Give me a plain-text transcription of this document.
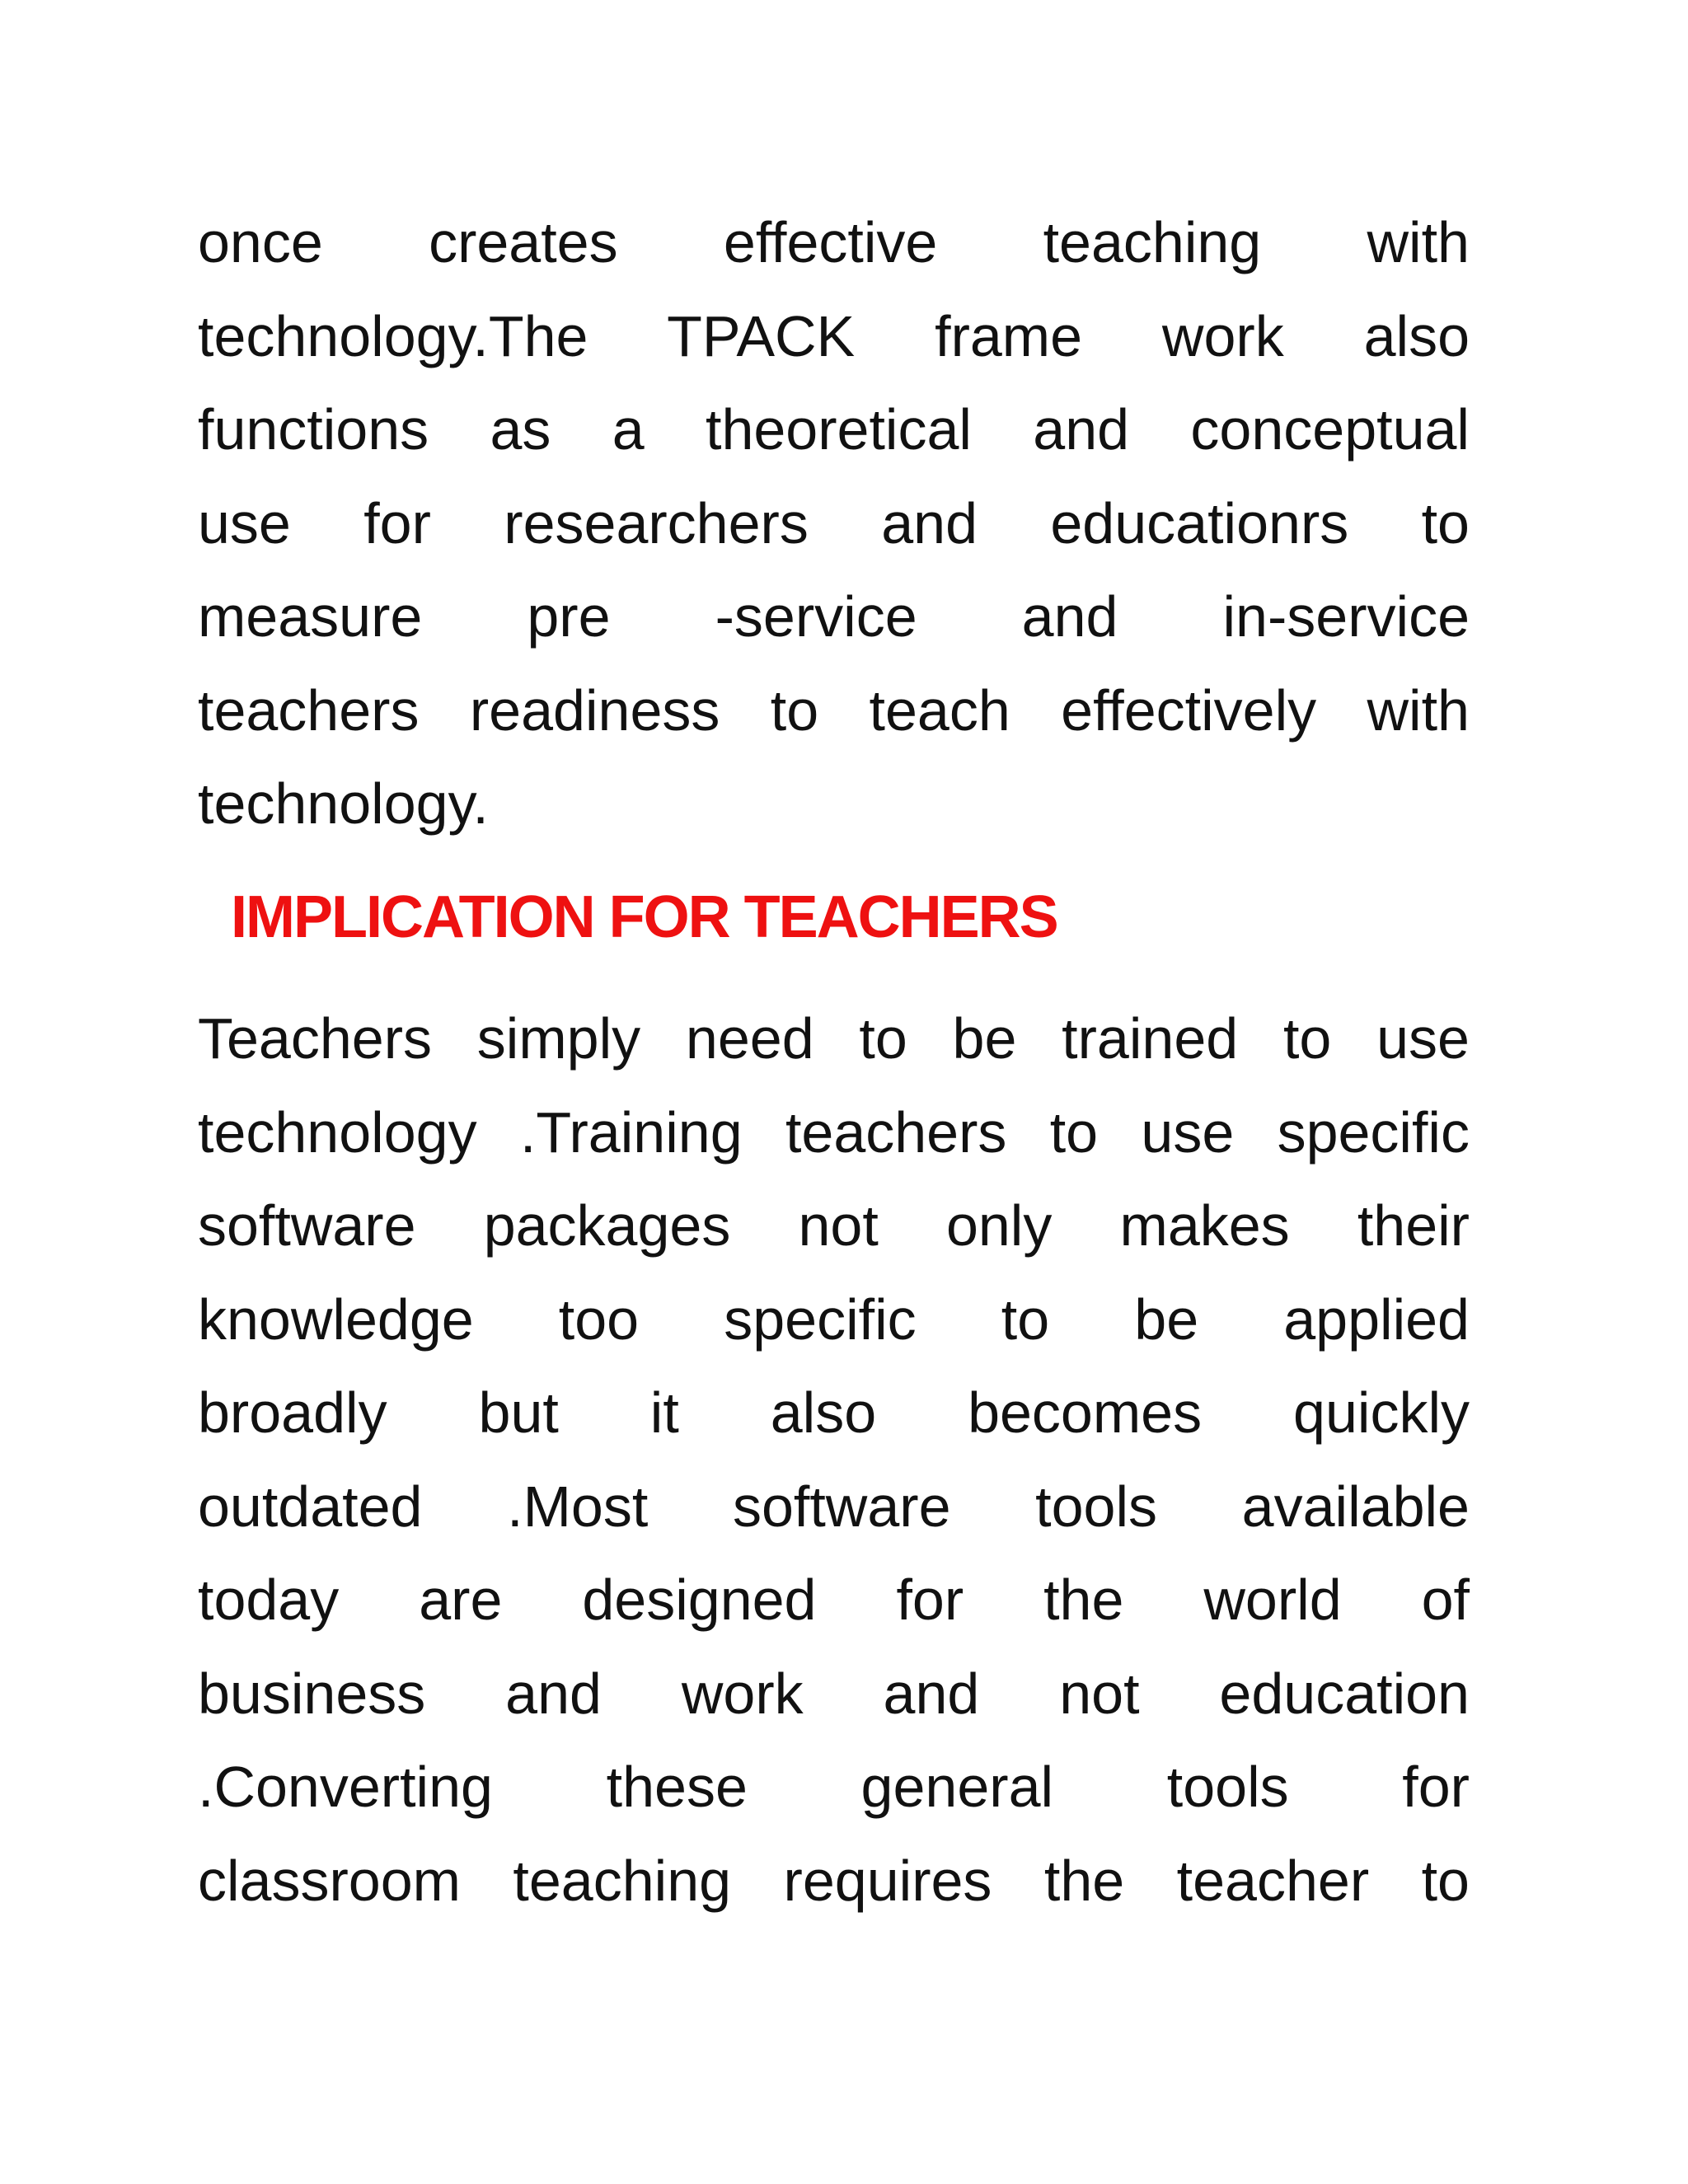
once creates effective teaching with
technology.The TPACK frame work also
functions as a theoretical and conceptual
use for researchers and educationrs to
measure pre -service and in-service
teachers readiness to teach effectively with
technology.
IMPLICATION FOR TEACHERS
Teachers simply need to be trained to use
technology .Training teachers to use specific
software packages not only makes their
knowledge too specific to be applied
broadly but it also becomes quickly
outdated .Most software tools available
today are designed for the world of
business and work and not education
.Converting these general tools for
classroom teaching requires the teacher to
